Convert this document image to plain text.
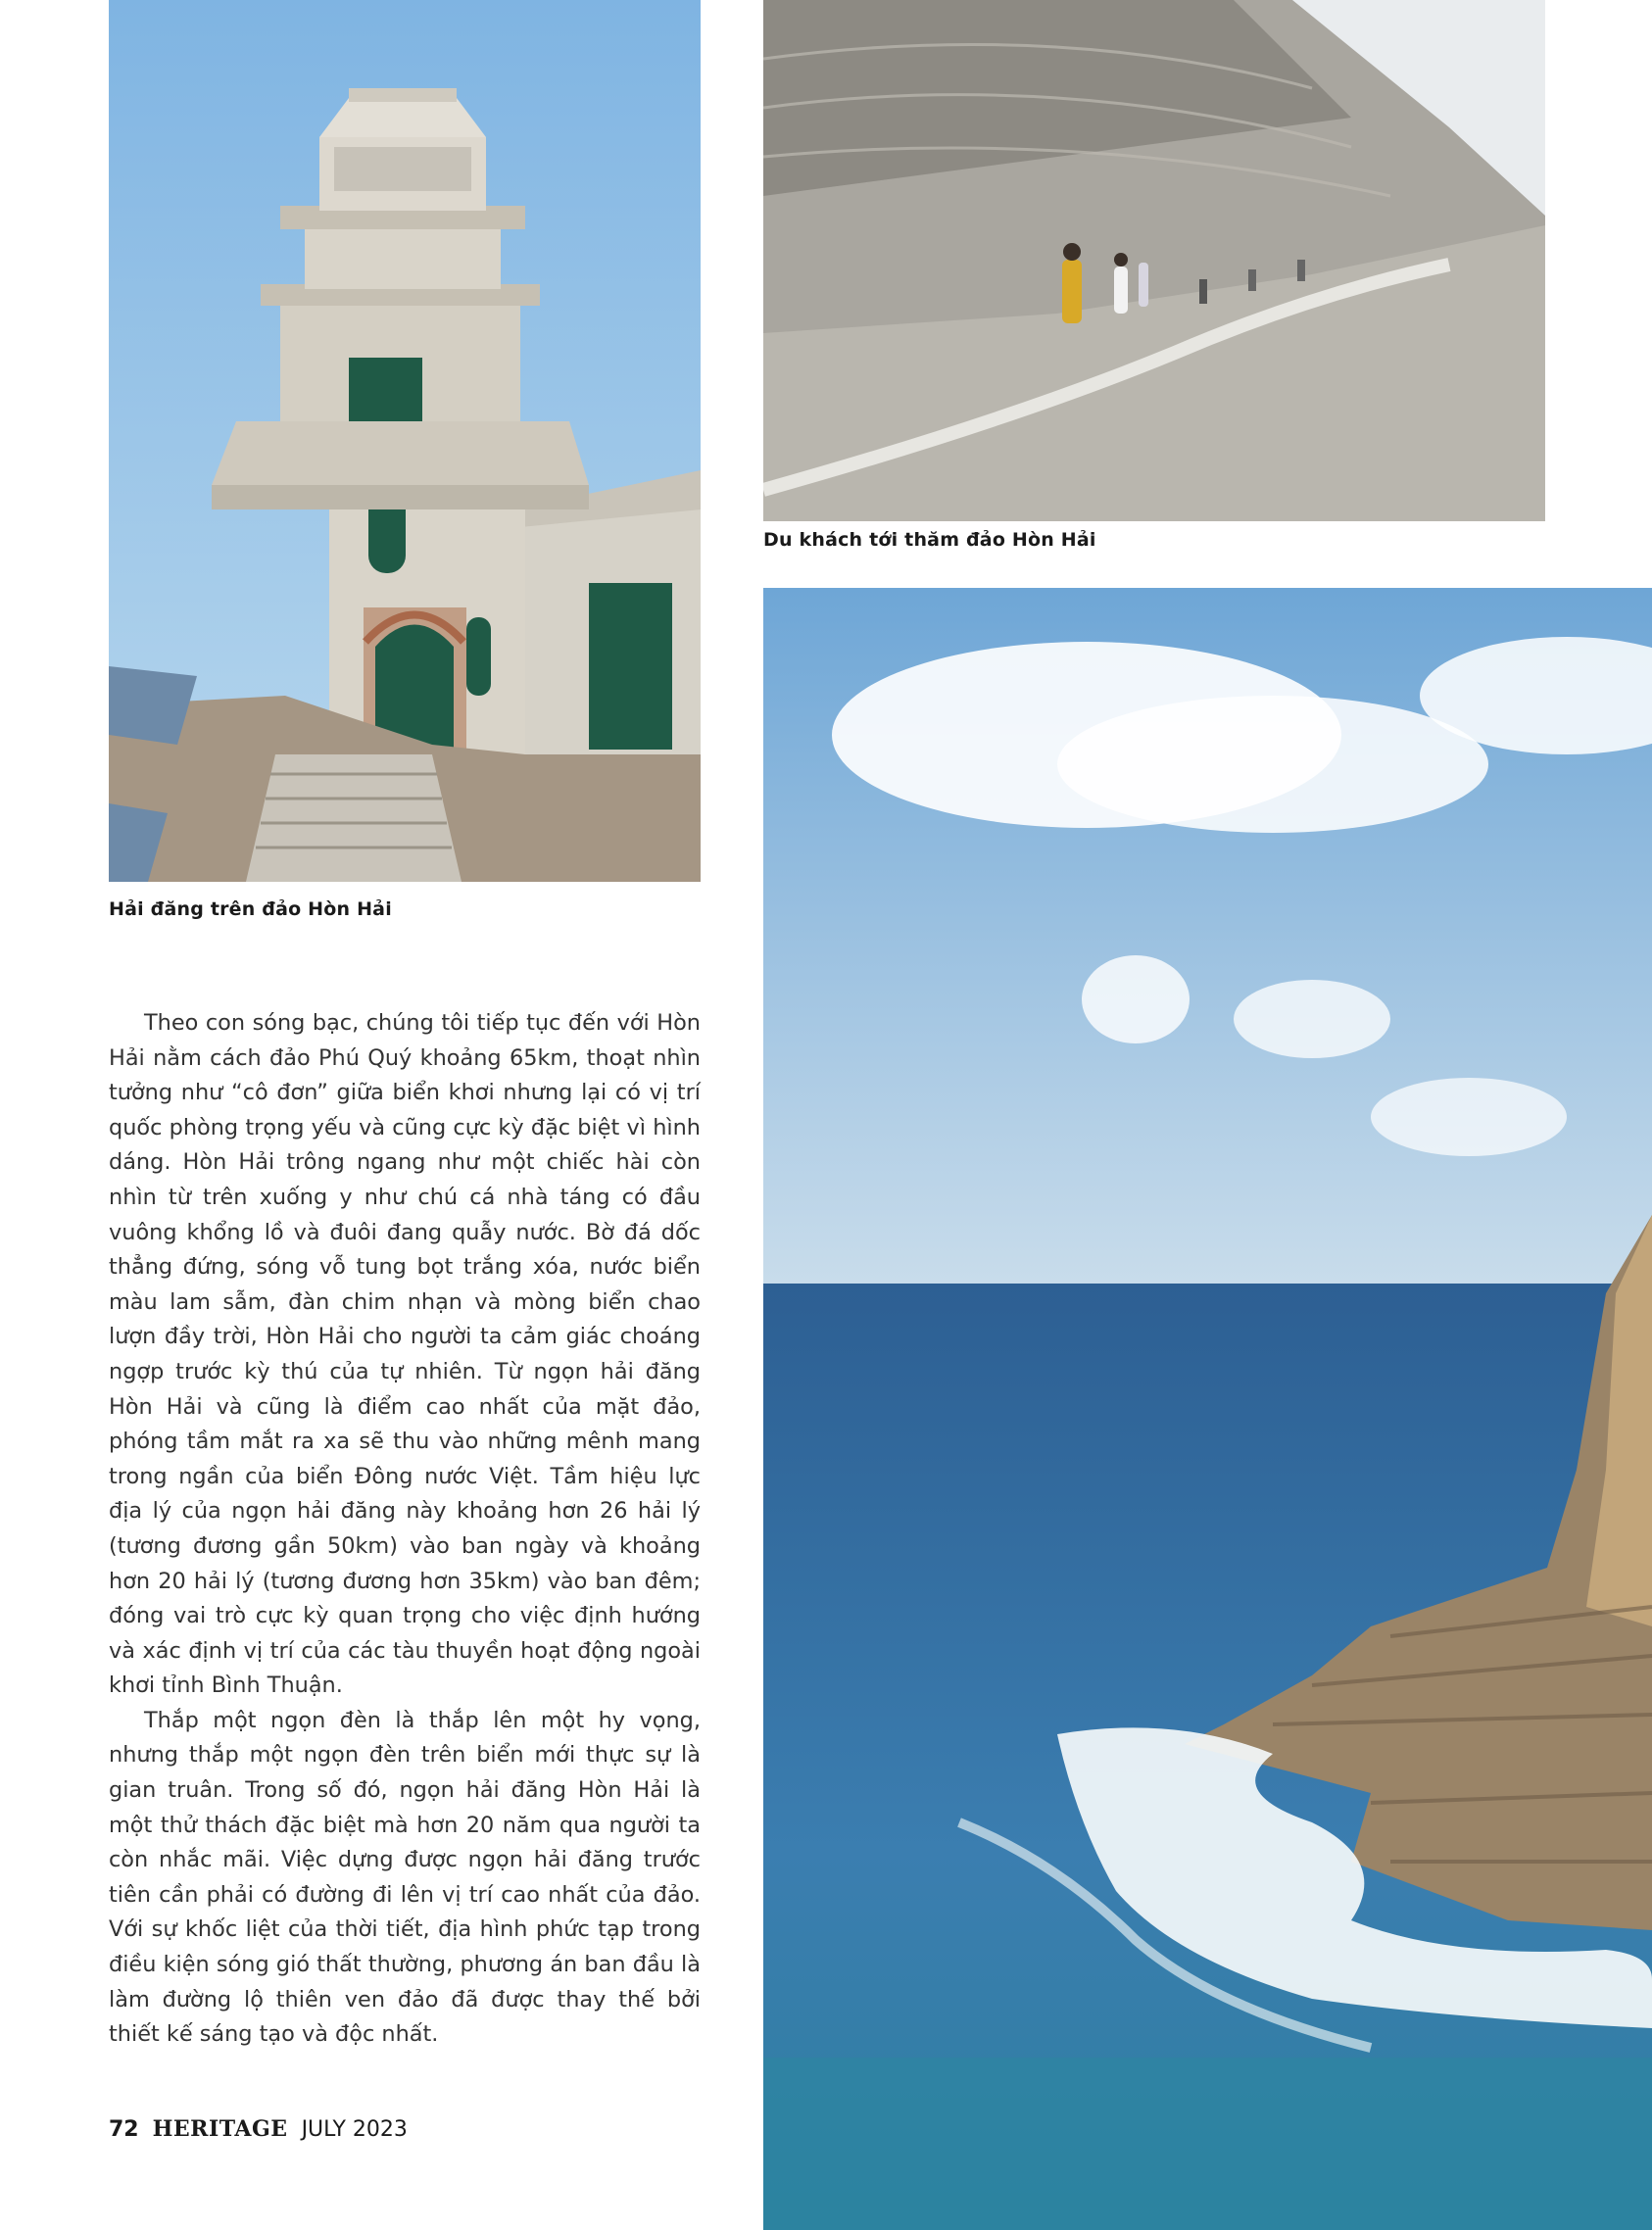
Hải đăng trên đảo Hòn Hải
Du khách tới thăm đảo Hòn Hải

Theo con sóng bạc, chúng tôi tiếp tục đến với Hòn Hải nằm cách đảo Phú Quý khoảng 65km, thoạt nhìn tưởng như “cô đơn” giữa biển khơi nhưng lại có vị trí quốc phòng trọng yếu và cũng cực kỳ đặc biệt vì hình dáng. Hòn Hải trông ngang như một chiếc hài còn nhìn từ trên xuống y như chú cá nhà táng có đầu vuông khổng lồ và đuôi đang quẫy nước. Bờ đá dốc thẳng đứng, sóng vỗ tung bọt trắng xóa, nước biển màu lam sẫm, đàn chim nhạn và mòng biển chao lượn đầy trời, Hòn Hải cho người ta cảm giác choáng ngợp trước kỳ thú của tự nhiên. Từ ngọn hải đăng Hòn Hải và cũng là điểm cao nhất của mặt đảo, phóng tầm mắt ra xa sẽ thu vào những mênh mang trong ngần của biển Đông nước Việt. Tầm hiệu lực địa lý của ngọn hải đăng này khoảng hơn 26 hải lý (tương đương gần 50km) vào ban ngày và khoảng hơn 20 hải lý (tương đương hơn 35km) vào ban đêm; đóng vai trò cực kỳ quan trọng cho việc định hướng và xác định vị trí của các tàu thuyền hoạt động ngoài khơi tỉnh Bình Thuận.

Thắp một ngọn đèn là thắp lên một hy vọng, nhưng thắp một ngọn đèn trên biển mới thực sự là gian truân. Trong số đó, ngọn hải đăng Hòn Hải là một thử thách đặc biệt mà hơn 20 năm qua người ta còn nhắc mãi. Việc dựng được ngọn hải đăng trước tiên cần phải có đường đi lên vị trí cao nhất của đảo. Với sự khốc liệt của thời tiết, địa hình phức tạp trong điều kiện sóng gió thất thường, phương án ban đầu là làm đường lộ thiên ven đảo đã được thay thế bởi thiết kế sáng tạo và độc nhất.

72 HERITAGE JULY 2023
